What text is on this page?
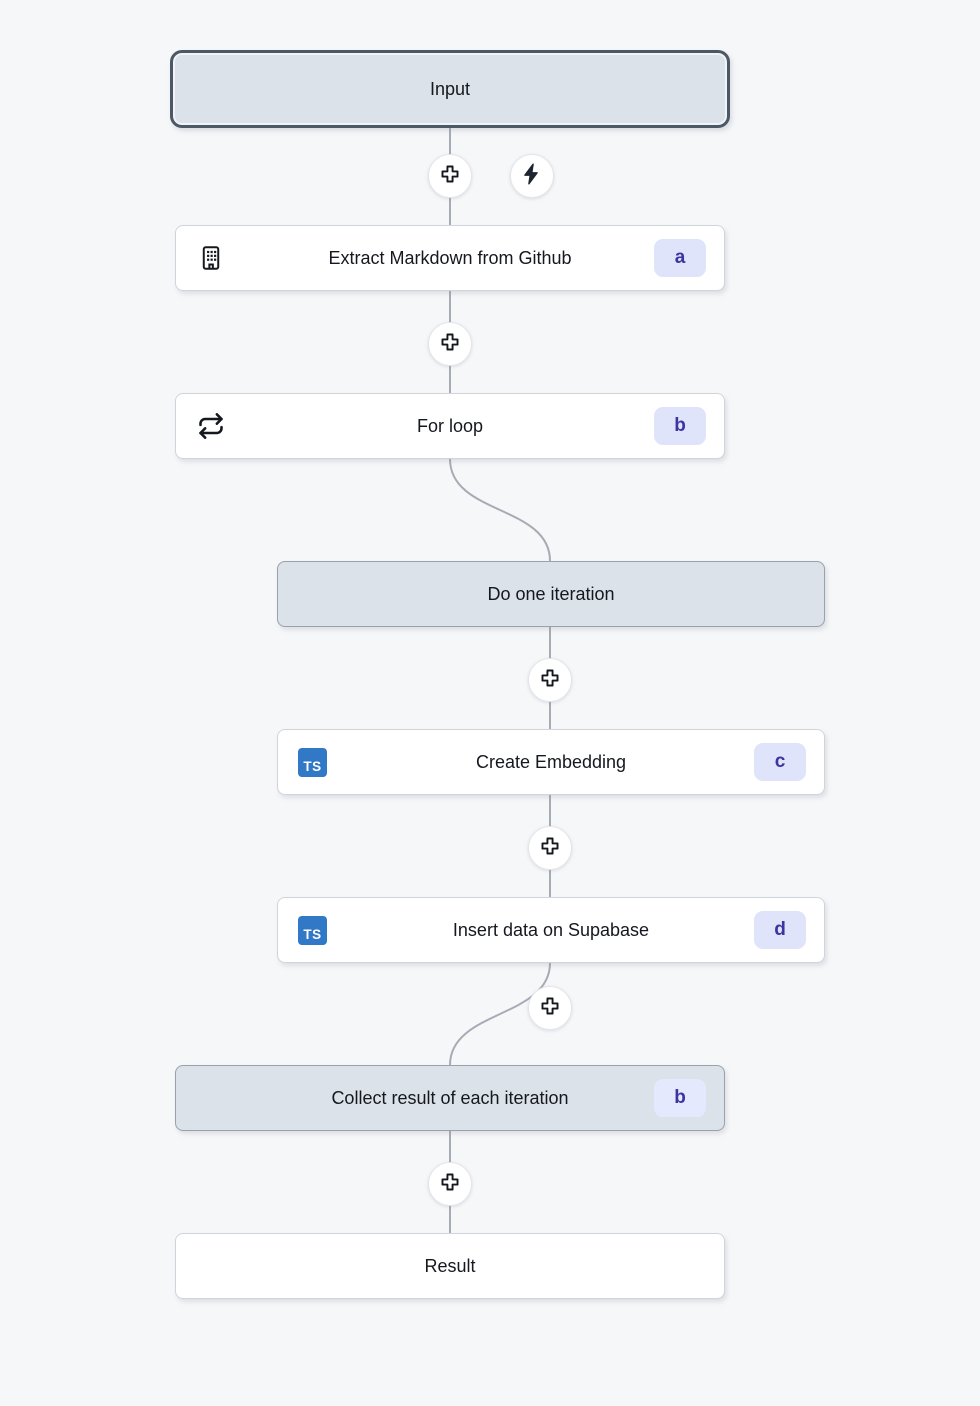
Input
Extract Markdown from Github	a
For loop	b
Do one iteration
TS	Create Embedding	c
TS	Insert data on Supabase	d
Collect result of each iteration	b
Result
